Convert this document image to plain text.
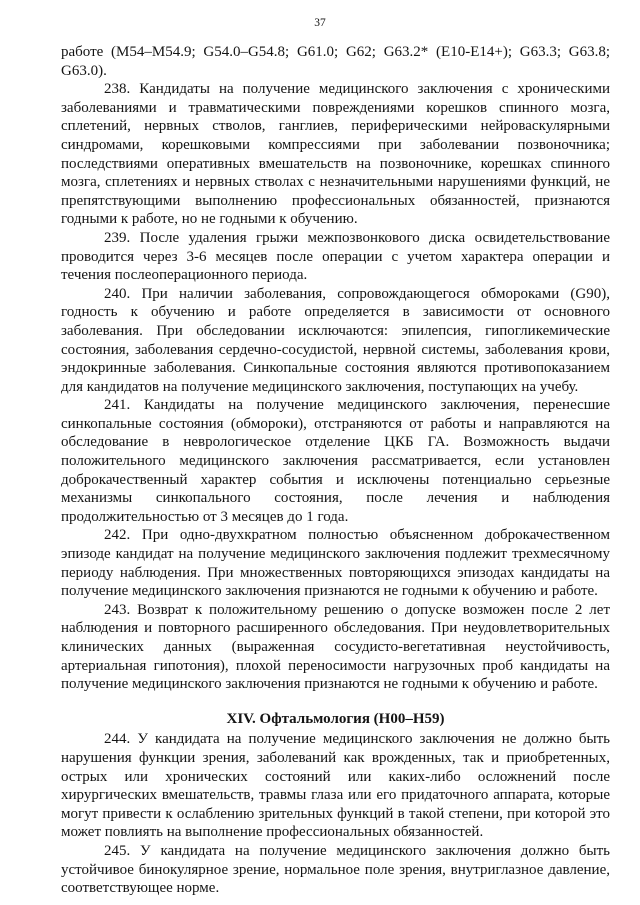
37

работе (M54–M54.9; G54.0–G54.8; G61.0; G62; G63.2* (E10-E14+); G63.3; G63.8; G63.0).

238. Кандидаты на получение медицинского заключения с хроническими заболеваниями и травматическими повреждениями корешков спинного мозга, сплетений, нервных стволов, ганглиев, периферическими нейроваскулярными синдромами, корешковыми компрессиями при заболевании позвоночника; последствиями оперативных вмешательств на позвоночнике, корешках спинного мозга, сплетениях и нервных стволах с незначительными нарушениями функций, не препятствующими выполнению профессиональных обязанностей, признаются годными к работе, но не годными к обучению.

239. После удаления грыжи межпозвонкового диска освидетельствование проводится через 3-6 месяцев после операции с учетом характера операции и течения послеоперационного периода.

240. При наличии заболевания, сопровождающегося обмороками (G90), годность к обучению и работе определяется в зависимости от основного заболевания. При обследовании исключаются: эпилепсия, гипогликемические состояния, заболевания сердечно-сосудистой, нервной системы, заболевания крови, эндокринные заболевания. Синкопальные состояния являются противопоказанием для кандидатов на получение медицинского заключения, поступающих на учебу.

241. Кандидаты на получение медицинского заключения, перенесшие синкопальные состояния (обмороки), отстраняются от работы и направляются на обследование в неврологическое отделение ЦКБ ГА. Возможность выдачи положительного медицинского заключения рассматривается, если установлен доброкачественный характер события и исключены потенциально серьезные механизмы синкопального состояния, после лечения и наблюдения продолжительностью от 3 месяцев до 1 года.

242. При одно-двухкратном полностью объясненном доброкачественном эпизоде кандидат на получение медицинского заключения подлежит трехмесячному периоду наблюдения. При множественных повторяющихся эпизодах кандидаты на получение медицинского заключения признаются не годными к обучению и работе.

243. Возврат к положительному решению о допуске возможен после 2 лет наблюдения и повторного расширенного обследования. При неудовлетворительных клинических данных (выраженная сосудисто-вегетативная неустойчивость, артериальная гипотония), плохой переносимости нагрузочных проб кандидаты на получение медицинского заключения признаются не годными к обучению и работе.

XIV. Офтальмология (H00–H59)

244. У кандидата на получение медицинского заключения не должно быть нарушения функции зрения, заболеваний как врожденных, так и приобретенных, острых или хронических состояний или каких-либо осложнений после хирургических вмешательств, травмы глаза или его придаточного аппарата, которые могут привести к ослаблению зрительных функций в такой степени, при которой это может повлиять на выполнение профессиональных обязанностей.

245. У кандидата на получение медицинского заключения должно быть устойчивое бинокулярное зрение, нормальное поле зрения, внутриглазное давление, соответствующее норме.
